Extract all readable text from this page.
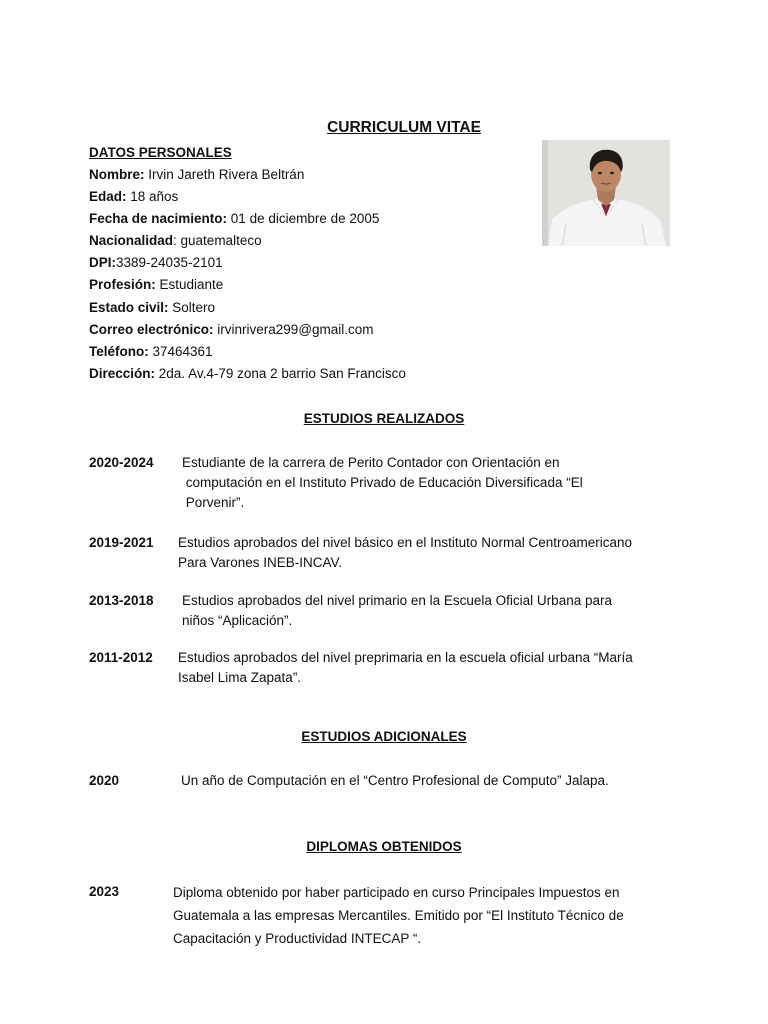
CURRICULUM VITAE
DATOS PERSONALES
Nombre: Irvin Jareth Rivera Beltrán
Edad: 18 años
Fecha de nacimiento: 01 de diciembre de 2005
Nacionalidad: guatemalteco
DPI:3389-24035-2101
Profesión: Estudiante
Estado civil: Soltero
Correo electrónico: irvinrivera299@gmail.com
Teléfono: 37464361
Dirección: 2da. Av.4-79 zona 2 barrio San Francisco
ESTUDIOS REALIZADOS
2020-2024 Estudiante de la carrera de Perito Contador con Orientación en
computación en el Instituto Privado de Educación Diversificada “El
Porvenir”.
2019-2021 Estudios aprobados del nivel básico en el Instituto Normal Centroamericano
Para Varones INEB-INCAV.
2013-2018 Estudios aprobados del nivel primario en la Escuela Oficial Urbana para
niños “Aplicación”.
2011-2012 Estudios aprobados del nivel preprimaria en la escuela oficial urbana “María
Isabel Lima Zapata”.
ESTUDIOS ADICIONALES
2020	Un año de Computación en el “Centro Profesional de Computo” Jalapa.
DIPLOMAS OBTENIDOS
2023	Diploma obtenido por haber participado en curso Principales Impuestos en
Guatemala a las empresas Mercantiles. Emitido por “El Instituto Técnico de
Capacitación y Productividad INTECAP “.
